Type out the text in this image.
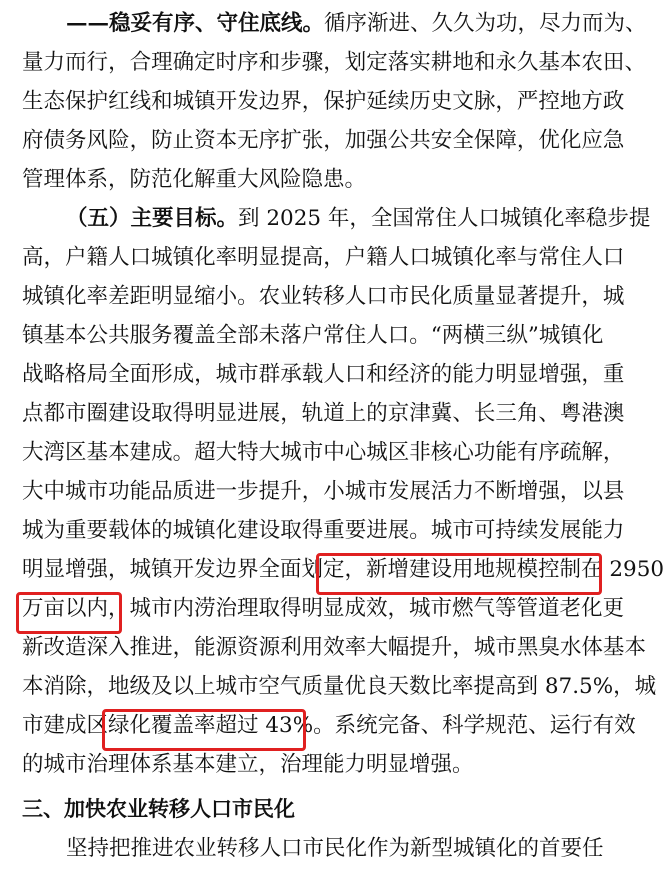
——稳妥有序、守住底线。循序渐进、久久为功，尽力而为、
量 力 而 行 ， 合 理 确 定 时 序 和 步 骤 ， 划 定 落 实 耕 地 和 永 久 基 本 农 田 、
生 态 保 护 红 线 和 城 镇 开 发 边 界 ， 保 护 延 续 历 史 文 脉 ， 严 控 地 方 政
府 债 务 风 险 ， 防 止 资 本 无 序 扩 张 ， 加 强 公 共 安 全 保 障 ， 优 化 应 急
管理体系，防范化解重大风险隐患。
（五）主要目标。到 2025 年，全国常住人口城镇化率稳步提
高 ， 户 籍 人 口 城 镇 化 率 明 显 提 高 ， 户 籍 人 口 城 镇 化 率 与 常 住 人 口
城 镇 化 率 差 距 明 显 缩 小 。 农 业 转 移 人 口 市 民 化 质 量 显 著 提 升 ， 城
镇 基 本 公 共 服 务 覆 盖 全 部 未 落 户 常 住 人 口 。 “ 两 横 三 纵 ” 城 镇 化
战 略 格 局 全 面 形 成 ， 城 市 群 承 载 人 口 和 经 济 的 能 力 明 显 增 强 ， 重
点 都 市 圈 建 设 取 得 明 显 进 展 ， 轨 道 上 的 京 津 冀 、 长 三 角 、 粤 港 澳
大 湾 区 基 本 建 成 。 超 大 特 大 城 市 中 心 城 区 非 核 心 功 能 有 序 疏 解 ，
大 中 城 市 功 能 品 质 进 一 步 提 升 ， 小 城 市 发 展 活 力 不 断 增 强 ， 以 县
城 为 重 要 载 体 的 城 镇 化 建 设 取 得 重 要 进 展 。 城 市 可 持 续 发 展 能 力
明显增强，城镇开发边界全面划定，新增建设用地规模控制在 2950
万亩以内，城市内涝治理取得明显成效，城市燃气等管道老化更
新 改 造 深 入 推 进 ， 能 源 资 源 利 用 效 率 大 幅 提 升 ， 城 市 黑 臭 水 体 基 本
本消除，地级及以上城市空气质量优良天数比率提高到 87.5%，城
市建成区绿化覆盖率超过 43%。系统完备、科学规范、运行有效
的城市治理体系基本建立，治理能力明显增强。
三、加快农业转移人口市民化
坚持把推进农业转移人口市民化作为新型城镇化的首要任
